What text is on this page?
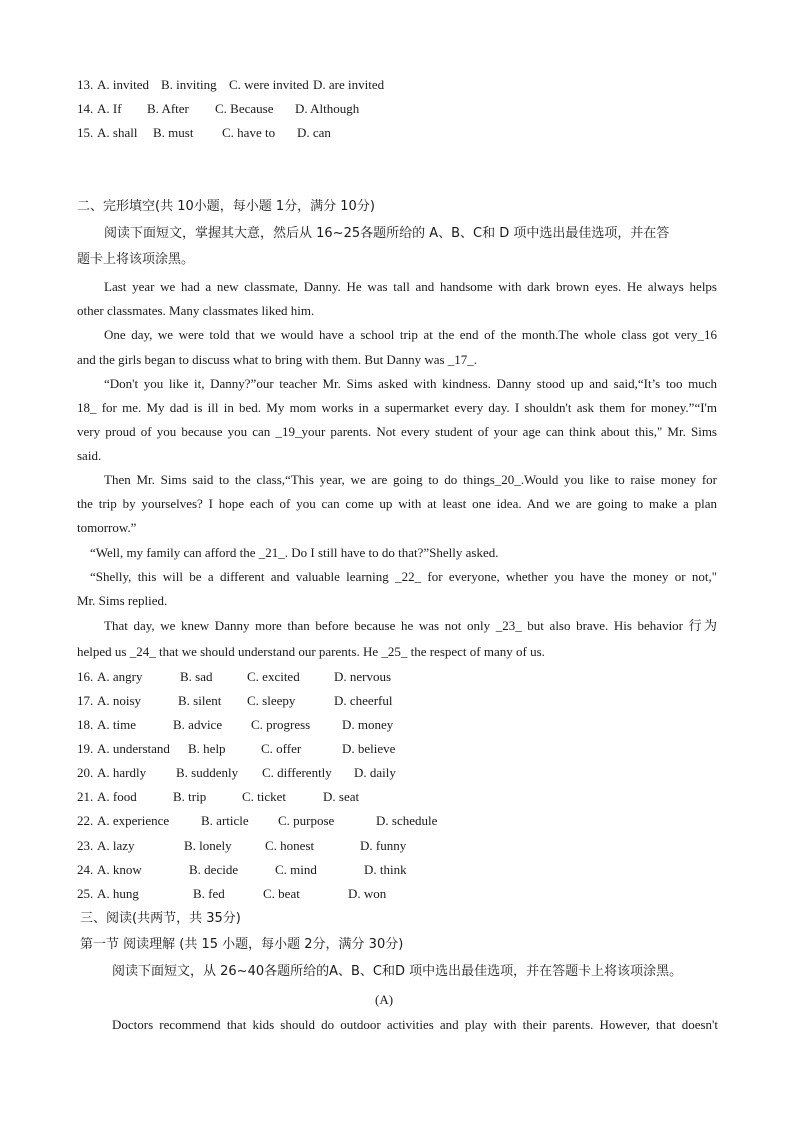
13. A. invited B. inviting C. were invited D. are invited
14. A. If B. After C. Because D. Although
15. A. shall B. must C. have to D. can
二、完形填空(共 10小题，每小题 1分，满分 10分)
阅读下面短文，掌握其大意，然后从 16~25各题所给的 A、B、C和 D 项中选出最佳选项，并在答
题卡上将该项涂黑。
Last year we had a new classmate, Danny. He was tall and handsome with dark brown eyes. He always helps
other classmates. Many classmates liked him.
One day, we were told that we would have a school trip at the end of the month.The whole class got very_16
and the girls began to discuss what to bring with them. But Danny was _17_.
“Don't you like it, Danny?”our teacher Mr. Sims asked with kindness. Danny stood up and said,“It’s too much
18_ for me. My dad is ill in bed. My mom works in a supermarket every day. I shouldn't ask them for money.”“I'm
very proud of you because you can _19_your parents. Not every student of your age can think about this," Mr. Sims
said.
Then Mr. Sims said to the class,“This year, we are going to do things_20_.Would you like to raise money for
the trip by yourselves? I hope each of you can come up with at least one idea. And we are going to make a plan
tomorrow.”
“Well, my family can afford the _21_. Do I still have to do that?”Shelly asked.
“Shelly, this will be a different and valuable learning _22_ for everyone, whether you have the money or not,"
Mr. Sims replied.
That day, we knew Danny more than before because he was not only _23_ but also brave. His behavior 行为
helped us _24_ that we should understand our parents. He _25_ the respect of many of us.
16. A. angry	B. sad	C. excited	D. nervous
17. A. noisy	B. silent C. sleepy	D. cheerful
18. A. time	B. advice C. progress D. money
19. A. understand B. help	C. offer	D. believe
20. A. hardly B. suddenly C. differently D. daily
21. A. food	B. trip	C. ticket	D. seat
22. A. experience B. article C. purpose	D. schedule
23. A. lazy	B. lonely	C. honest	D. funny
24. A. know	B. decide	C. mind	D. think
25. A. hung	B. fed	C. beat	D. won
三、阅读(共两节，共 35分)
第一节 阅读理解 (共 15 小题，每小题 2分，满分 30分)
阅读下面短文，从 26~40各题所给的A、B、C和D 项中选出最佳选项，并在答题卡上将该项涂黑。
(A)
Doctors recommend that kids should do outdoor activities and play with their parents. However, that doesn't
